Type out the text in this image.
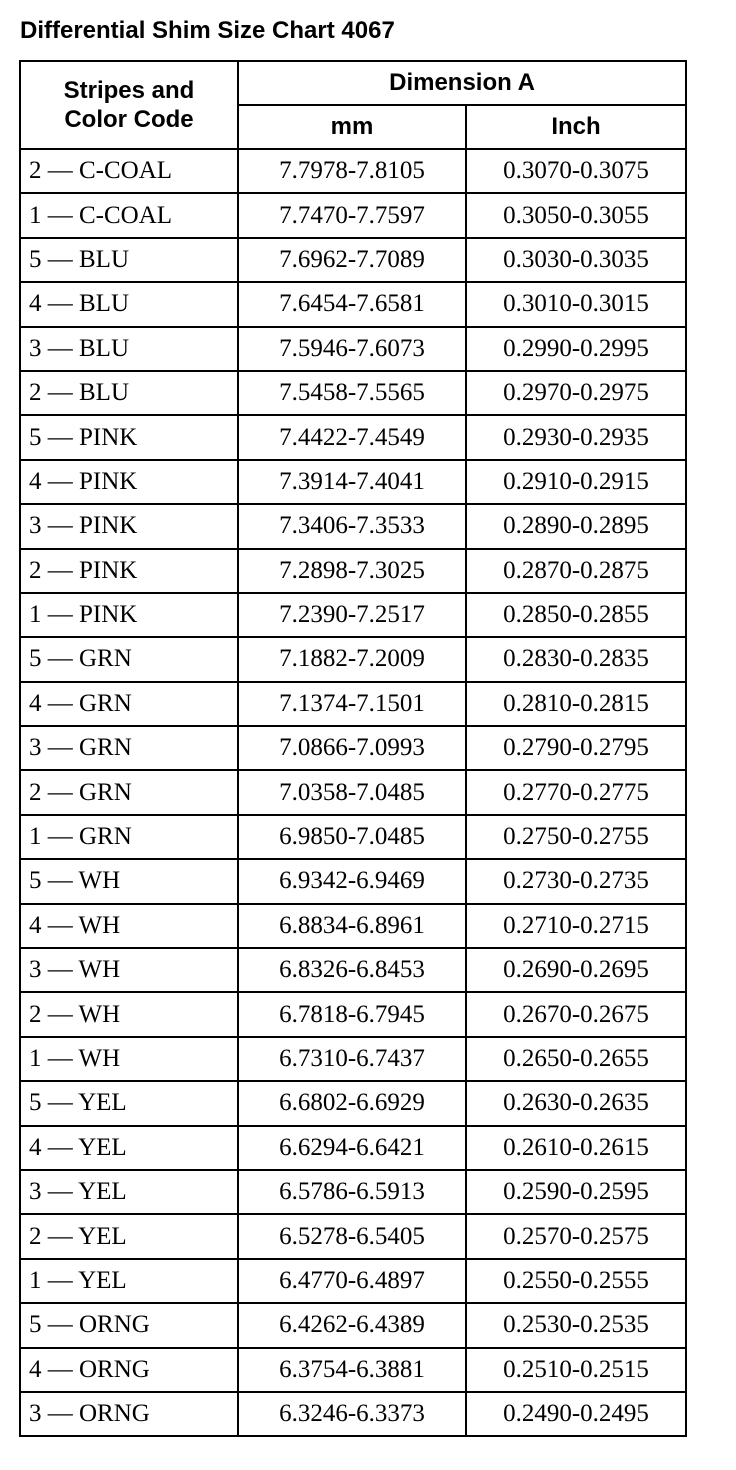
Differential Shim Size Chart 4067
Stripes and
Color Code	Dimension A	
	mm	Inch
2 — C-COAL	7.7978-7.8105	0.3070-0.3075
1 — C-COAL	7.7470-7.7597	0.3050-0.3055
5 — BLU	7.6962-7.7089	0.3030-0.3035
4 — BLU	7.6454-7.6581	0.3010-0.3015
3 — BLU	7.5946-7.6073	0.2990-0.2995
2 — BLU	7.5458-7.5565	0.2970-0.2975
5 — PINK	7.4422-7.4549	0.2930-0.2935
4 — PINK	7.3914-7.4041	0.2910-0.2915
3 — PINK	7.3406-7.3533	0.2890-0.2895
2 — PINK	7.2898-7.3025	0.2870-0.2875
1 — PINK	7.2390-7.2517	0.2850-0.2855
5 — GRN	7.1882-7.2009	0.2830-0.2835
4 — GRN	7.1374-7.1501	0.2810-0.2815
3 — GRN	7.0866-7.0993	0.2790-0.2795
2 — GRN	7.0358-7.0485	0.2770-0.2775
1 — GRN	6.9850-7.0485	0.2750-0.2755
5 — WH	6.9342-6.9469	0.2730-0.2735
4 — WH	6.8834-6.8961	0.2710-0.2715
3 — WH	6.8326-6.8453	0.2690-0.2695
2 — WH	6.7818-6.7945	0.2670-0.2675
1 — WH	6.7310-6.7437	0.2650-0.2655
5 — YEL	6.6802-6.6929	0.2630-0.2635
4 — YEL	6.6294-6.6421	0.2610-0.2615
3 — YEL	6.5786-6.5913	0.2590-0.2595
2 — YEL	6.5278-6.5405	0.2570-0.2575
1 — YEL	6.4770-6.4897	0.2550-0.2555
5 — ORNG	6.4262-6.4389	0.2530-0.2535
4 — ORNG	6.3754-6.3881	0.2510-0.2515
3 — ORNG	6.3246-6.3373	0.2490-0.2495
